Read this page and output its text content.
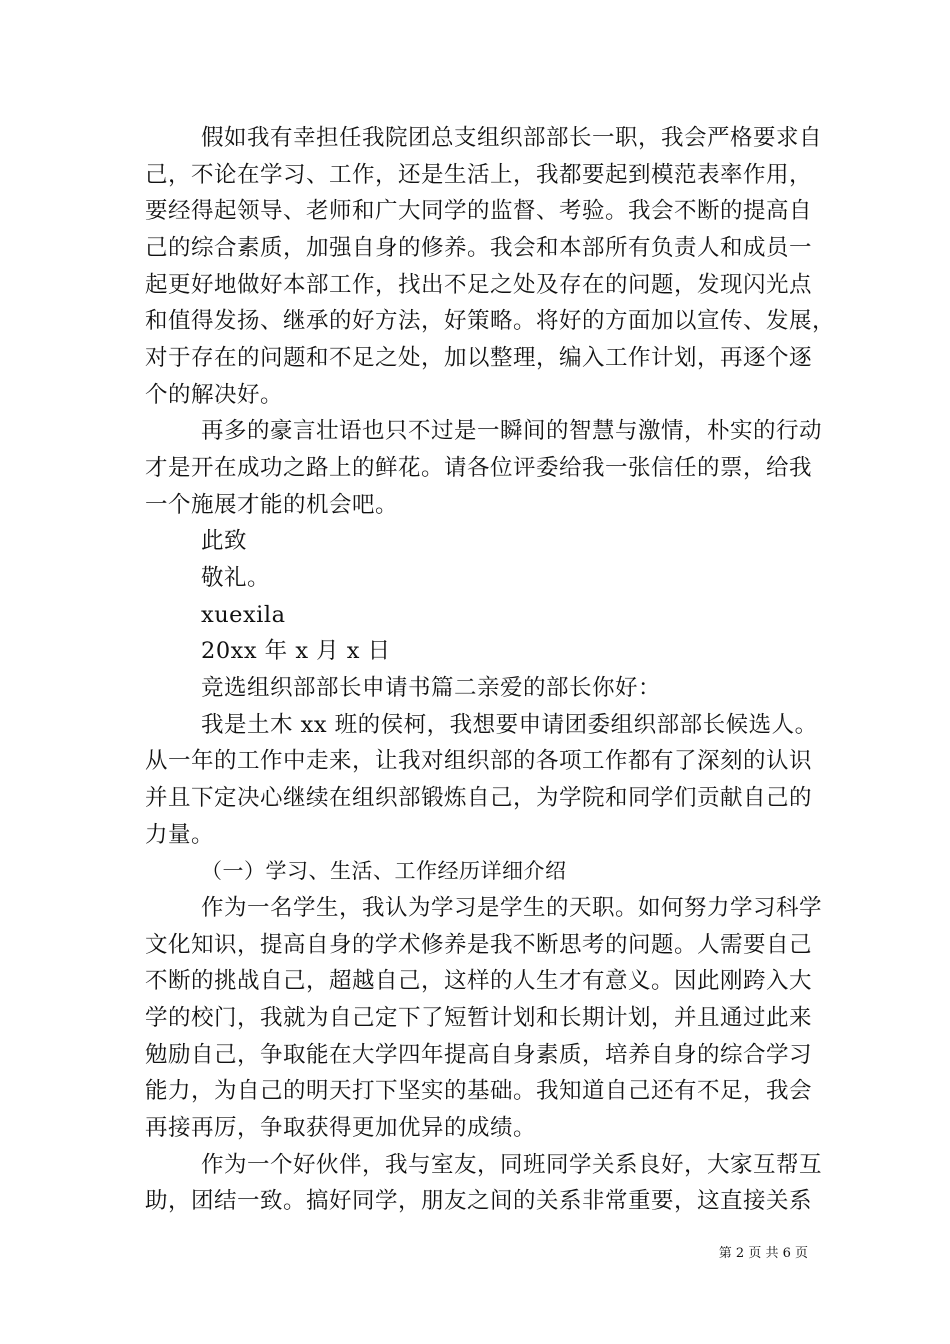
假如我有幸担任我院团总支组织部部长一职，我会严格要求自
己，不论在学习、工作，还是生活上，我都要起到模范表率作用，
要经得起领导、老师和广大同学的监督、考验。我会不断的提高自
己的综合素质，加强自身的修养。我会和本部所有负责人和成员一
起更好地做好本部工作，找出不足之处及存在的问题，发现闪光点
和值得发扬、继承的好方法，好策略。将好的方面加以宣传、发展，
对于存在的问题和不足之处，加以整理，编入工作计划，再逐个逐
个的解决好。
再多的豪言壮语也只不过是一瞬间的智慧与激情，朴实的行动
才是开在成功之路上的鲜花。请各位评委给我一张信任的票，给我
一个施展才能的机会吧。
此致
敬礼。
xuexila
20xx 年 x 月 x 日
竞选组织部部长申请书篇二亲爱的部长你好：
我是土木 xx 班的侯柯，我想要申请团委组织部部长候选人。
从一年的工作中走来，让我对组织部的各项工作都有了深刻的认识
并且下定决心继续在组织部锻炼自己，为学院和同学们贡献自己的
力量。
（一）学习、生活、工作经历详细介绍
作为一名学生，我认为学习是学生的天职。如何努力学习科学
文化知识，提高自身的学术修养是我不断思考的问题。人需要自己
不断的挑战自己，超越自己，这样的人生才有意义。因此刚跨入大
学的校门，我就为自己定下了短暂计划和长期计划，并且通过此来
勉励自己，争取能在大学四年提高自身素质，培养自身的综合学习
能力，为自己的明天打下坚实的基础。我知道自己还有不足，我会
再接再厉，争取获得更加优异的成绩。
作为一个好伙伴，我与室友，同班同学关系良好，大家互帮互
助，团结一致。搞好同学，朋友之间的关系非常重要，这直接关系
第 2 页 共 6 页
